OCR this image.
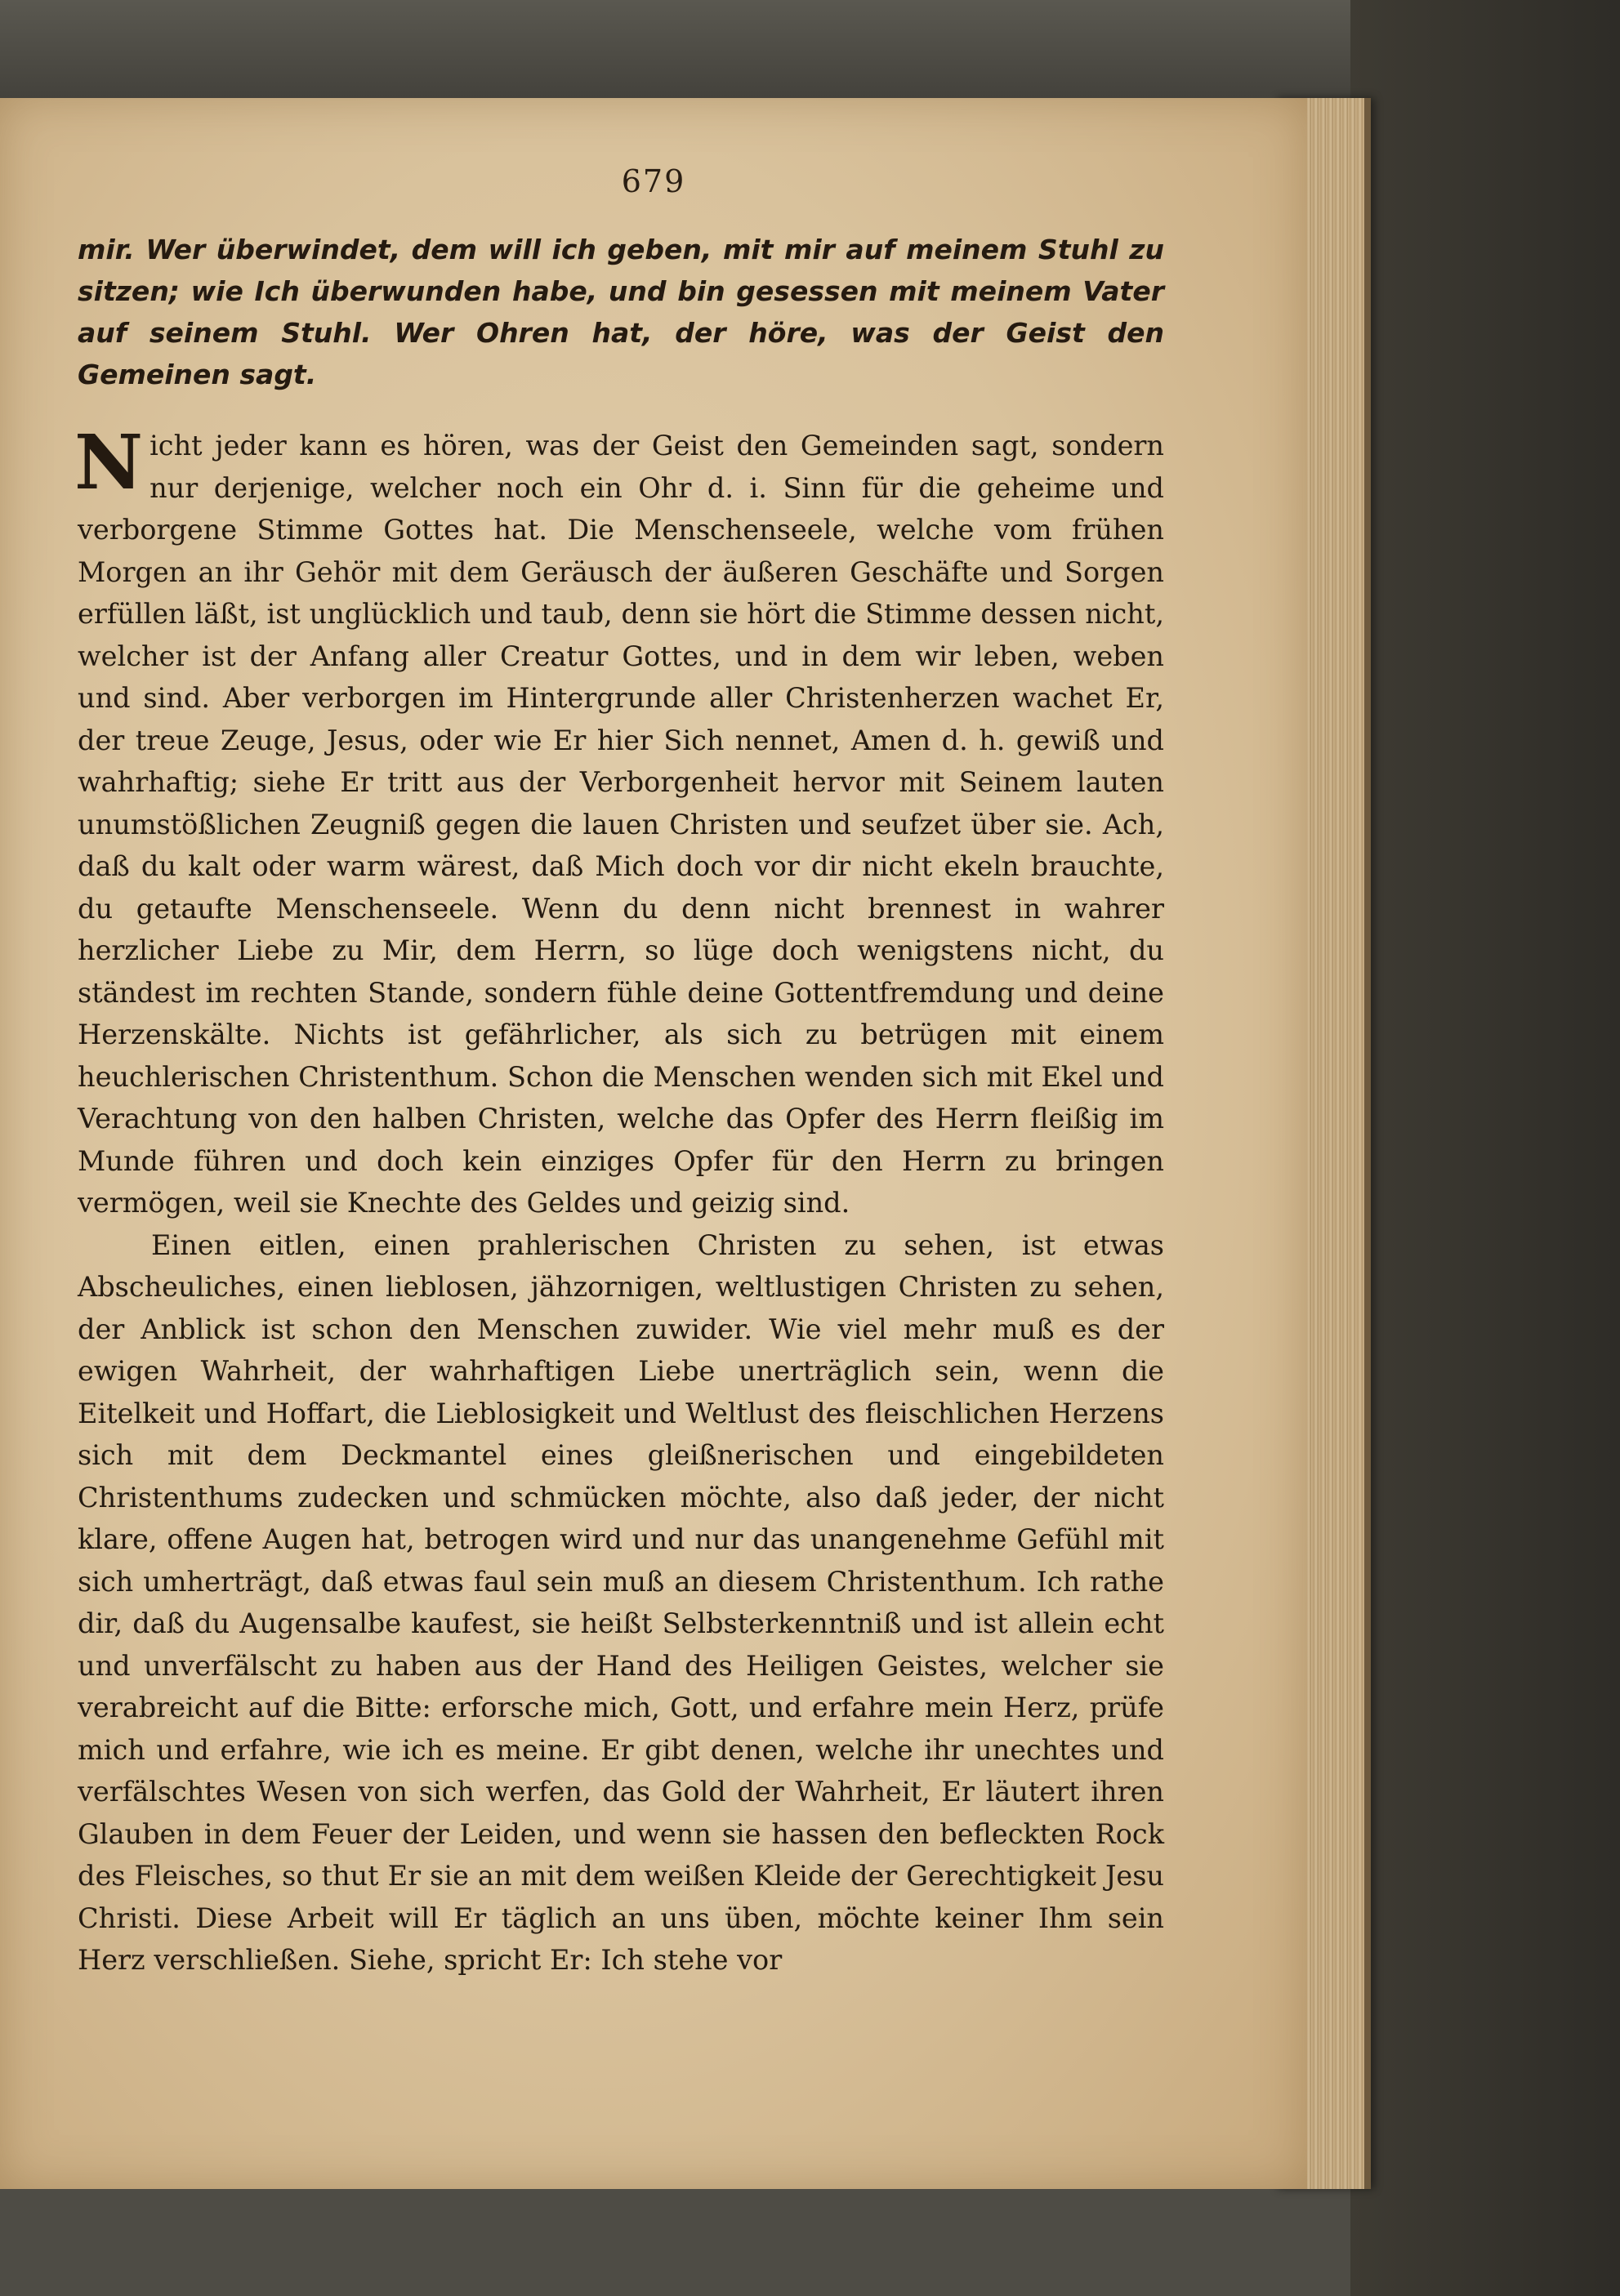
679
mir. Wer überwindet, dem will ich geben, mit mir auf meinem Stuhl zu sitzen; wie Ich überwunden habe, und bin gesessen mit meinem Vater auf seinem Stuhl. Wer Ohren hat, der höre, was der Geist den Gemeinen sagt.

Nicht jeder kann es hören, was der Geist den Gemeinden sagt, sondern nur derjenige, welcher noch ein Ohr d. i. Sinn für die geheime und verborgene Stimme Gottes hat. Die Menschenseele, welche vom frühen Morgen an ihr Gehör mit dem Geräusch der äußeren Geschäfte und Sorgen erfüllen läßt, ist unglücklich und taub, denn sie hört die Stimme dessen nicht, welcher ist der Anfang aller Creatur Gottes, und in dem wir leben, weben und sind. Aber verborgen im Hintergrunde aller Christenherzen wachet Er, der treue Zeuge, Jesus, oder wie Er hier Sich nennet, Amen d. h. gewiß und wahrhaftig; siehe Er tritt aus der Verborgenheit hervor mit Seinem lauten unumstößlichen Zeugniß gegen die lauen Christen und seufzet über sie. Ach, daß du kalt oder warm wärest, daß Mich doch vor dir nicht ekeln brauchte, du getaufte Menschenseele. Wenn du denn nicht brennest in wahrer herzlicher Liebe zu Mir, dem Herrn, so lüge doch wenigstens nicht, du ständest im rechten Stande, sondern fühle deine Gottentfremdung und deine Herzenskälte. Nichts ist gefährlicher, als sich zu betrügen mit einem heuchlerischen Christenthum. Schon die Menschen wenden sich mit Ekel und Verachtung von den halben Christen, welche das Opfer des Herrn fleißig im Munde führen und doch kein einziges Opfer für den Herrn zu bringen vermögen, weil sie Knechte des Geldes und geizig sind.

Einen eitlen, einen prahlerischen Christen zu sehen, ist etwas Abscheuliches, einen lieblosen, jähzornigen, weltlustigen Christen zu sehen, der Anblick ist schon den Menschen zuwider. Wie viel mehr muß es der ewigen Wahrheit, der wahrhaftigen Liebe unerträglich sein, wenn die Eitelkeit und Hoffart, die Lieblosigkeit und Weltlust des fleischlichen Herzens sich mit dem Deckmantel eines gleißnerischen und eingebildeten Christenthums zudecken und schmücken möchte, also daß jeder, der nicht klare, offene Augen hat, betrogen wird und nur das unangenehme Gefühl mit sich umherträgt, daß etwas faul sein muß an diesem Christenthum. Ich rathe dir, daß du Augensalbe kaufest, sie heißt Selbsterkenntniß und ist allein echt und unverfälscht zu haben aus der Hand des Heiligen Geistes, welcher sie verabreicht auf die Bitte: erforsche mich, Gott, und erfahre mein Herz, prüfe mich und erfahre, wie ich es meine. Er gibt denen, welche ihr unechtes und verfälschtes Wesen von sich werfen, das Gold der Wahrheit, Er läutert ihren Glauben in dem Feuer der Leiden, und wenn sie hassen den befleckten Rock des Fleisches, so thut Er sie an mit dem weißen Kleide der Gerechtigkeit Jesu Christi. Diese Arbeit will Er täglich an uns üben, möchte keiner Ihm sein Herz verschließen. Siehe, spricht Er: Ich stehe vor
